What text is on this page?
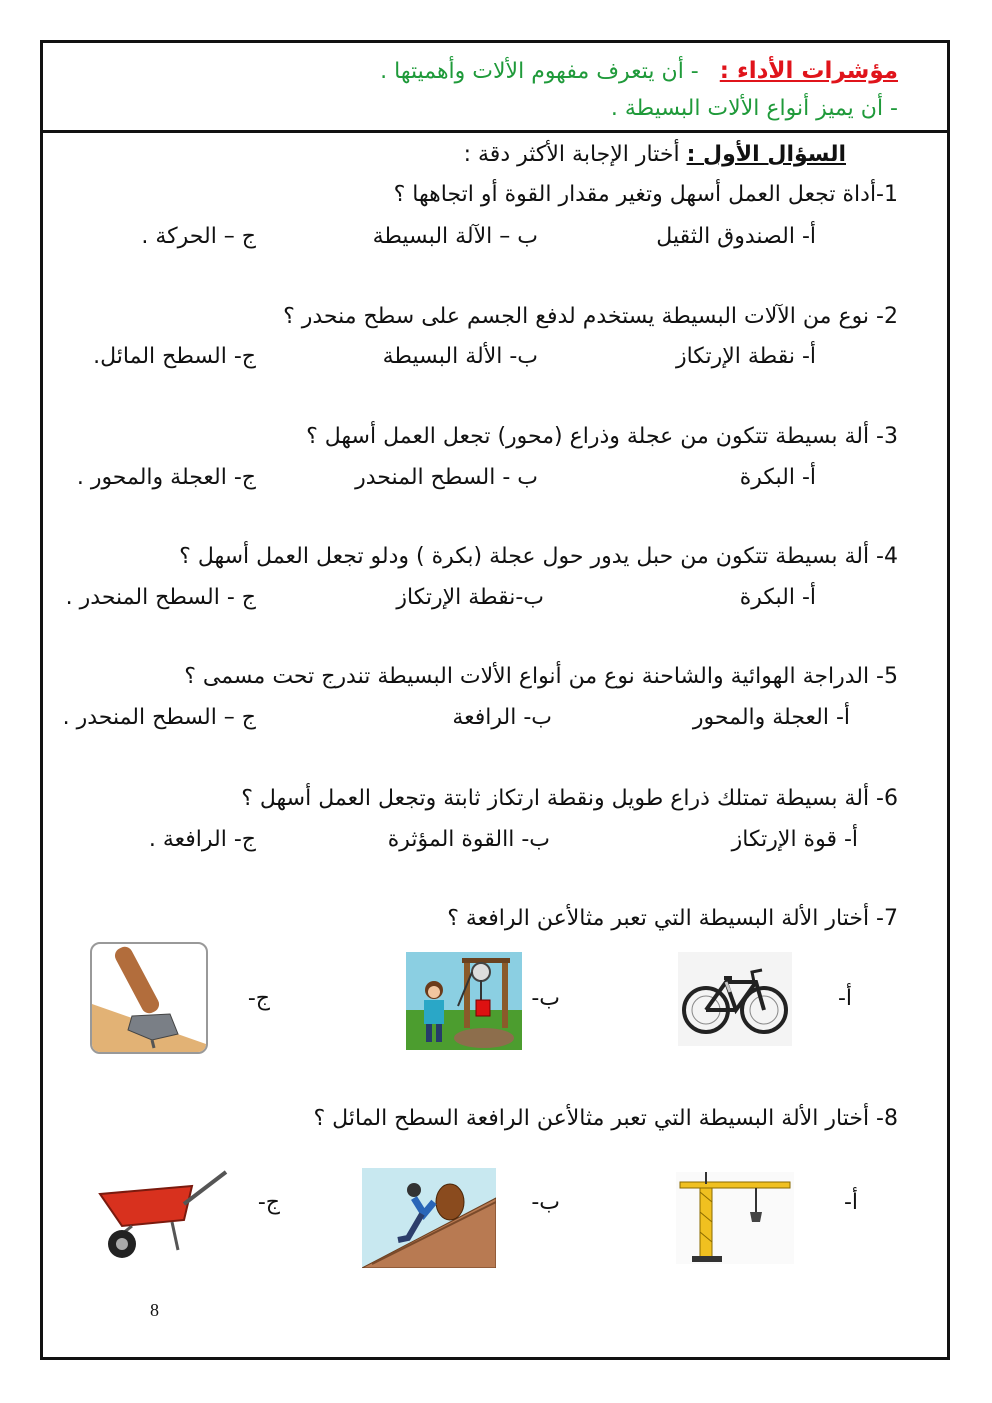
مؤشرات الأداء : - أن يتعرف مفهوم الألات وأهميتها .
- أن يميز أنواع الألات البسيطة .
السؤال الأول : أختار الإجابة الأكثر دقة :
1-أداة تجعل العمل أسهل وتغير مقدار القوة أو اتجاهها ؟
أ- الصندوق الثقيل
ب – الآلة البسيطة
ج – الحركة .
2- نوع من الآلات البسيطة يستخدم لدفع الجسم على سطح منحدر ؟
أ- نقطة الإرتكاز
ب- الألة البسيطة
ج- السطح المائل.
3- ألة بسيطة تتكون من عجلة وذراع (محور) تجعل العمل أسهل ؟
أ- البكرة
ب - السطح المنحدر
ج- العجلة والمحور .
4- ألة بسيطة تتكون من حبل يدور حول عجلة (بكرة ) ودلو تجعل العمل أسهل ؟
أ- البكرة
ب-نقطة الإرتكاز
ج - السطح المنحدر .
5- الدراجة الهوائية والشاحنة نوع من أنواع الألات البسيطة تندرج تحت مسمى ؟
أ- العجلة والمحور
ب- الرافعة
ج – السطح المنحدر .
6- ألة بسيطة تمتلك ذراع طويل ونقطة ارتكاز ثابتة وتجعل العمل أسهل ؟
أ- قوة الإرتكاز
ب- االقوة المؤثرة
ج- الرافعة .
7- أختار الألة البسيطة التي تعبر مثالأعن الرافعة ؟
أ-
ب-
ج-
8- أختار الألة البسيطة التي تعبر مثالأعن الرافعة السطح المائل ؟
أ-
ب-
ج-
8
